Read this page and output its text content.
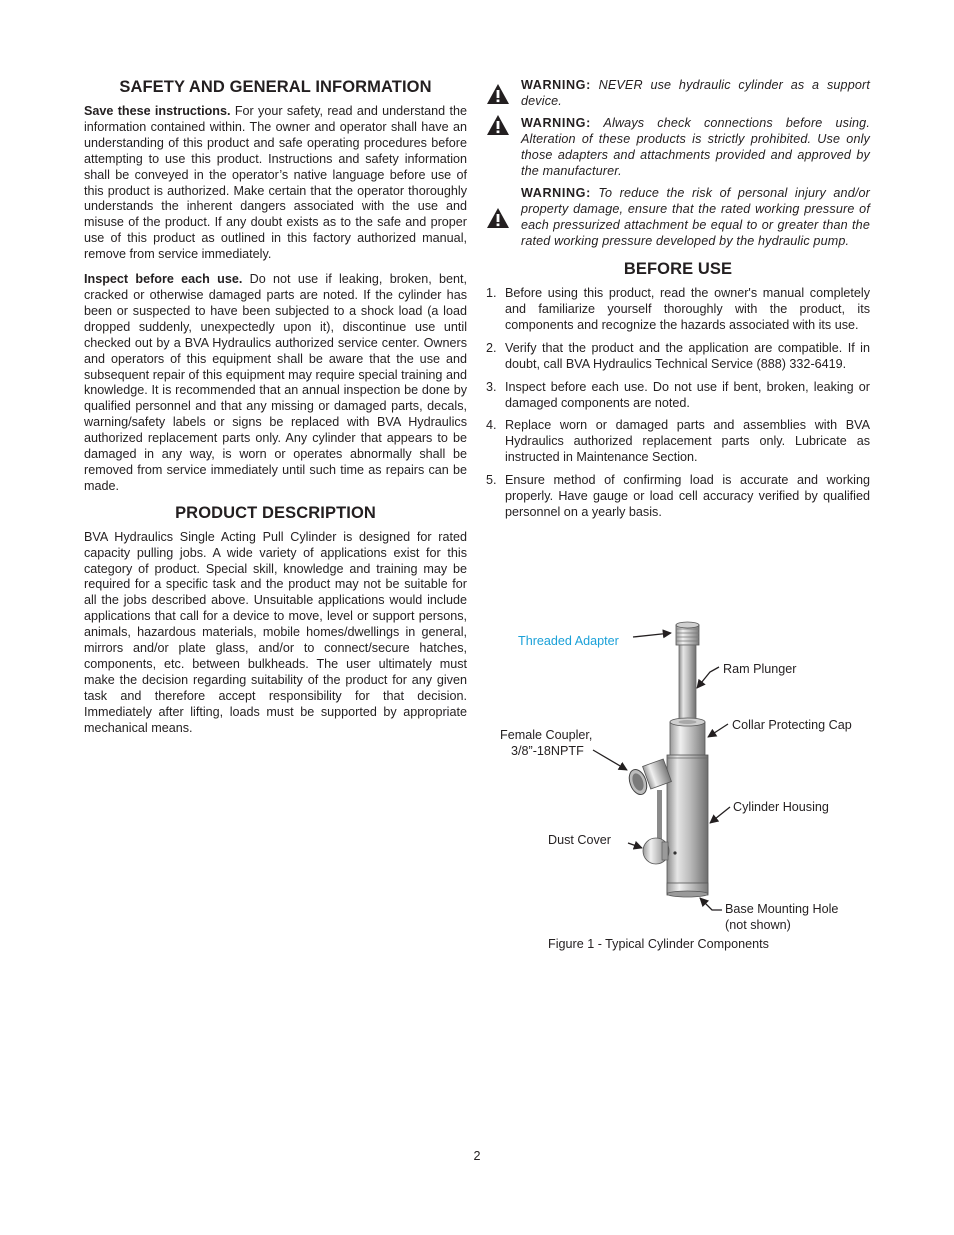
SAFETY AND GENERAL INFORMATION

Save these instructions. For your safety, read and understand the information contained within. The owner and operator shall have an understanding of this product and safe operating procedures before attempting to use this product. Instructions and safety information shall be conveyed in the operator’s native language before use of this product is authorized. Make certain that the operator thoroughly understands the inherent dangers associated with the use and misuse of the product. If any doubt exists as to the safe and proper use of this product as outlined in this factory authorized manual, remove from service immediately.

Inspect before each use. Do not use if leaking, broken, bent, cracked or otherwise damaged parts are noted. If the cylinder has been or suspected to have been subjected to a shock load (a load dropped suddenly, unexpectedly upon it), discontinue use until checked out by a BVA Hydraulics authorized service center. Owners and operators of this equipment shall be aware that the use and subsequent repair of this equipment may require special training and knowledge. It is recommended that an annual inspection be done by qualified personnel and that any missing or damaged parts, decals, warning/safety labels or signs be replaced with BVA Hydraulics authorized replacement parts only. Any cylinder that appears to be damaged in any way, is worn or operates abnormally shall be removed from service immediately until such time as repairs can be made.

PRODUCT DESCRIPTION

BVA Hydraulics Single Acting Pull Cylinder is designed for rated capacity pulling jobs. A wide variety of applications exist for this category of product. Special skill, knowledge and training may be required for a specific task and the product may not be suitable for all the jobs described above. Unsuitable applications would include applications that call for a device to move, level or support persons, animals, hazardous materials, mobile homes/dwellings in general, mirrors and/or plate glass, and/or to connect/secure hatches, components, etc. between bulkheads. The user ultimately must make the decision regarding suitability of the product for any given task and therefore accept responsibility for that decision. Immediately after lifting, loads must be supported by appropriate mechanical means.

WARNING: NEVER use hydraulic cylinder as a support device.
WARNING: Always check connections before using. Alteration of these products is strictly prohibited. Use only those adapters and attachments provided and approved by the manufacturer.
WARNING: To reduce the risk of personal injury and/or property damage, ensure that the rated working pressure of each pressurized attachment be equal to or greater than the rated working pressure developed by the hydraulic pump.
BEFORE USE
1. Before using this product, read the owner's manual completely and familiarize yourself thoroughly with the product, its components and recognize the hazards associated with its use.
2. Verify that the product and the application are compatible. If in doubt, call BVA Hydraulics Technical Service (888) 332-6419.
3. Inspect before each use. Do not use if bent, broken, leaking or damaged components are noted.
4. Replace worn or damaged parts and assemblies with BVA Hydraulics authorized replacement parts only. Lubricate as instructed in Maintenance Section.
5. Ensure method of confirming load is accurate and working properly. Have gauge or load cell accuracy verified by qualified personnel on a yearly basis.
Threaded Adapter
Ram Plunger
Collar Protecting Cap
Female Coupler,
3/8”-18NPTF
Cylinder Housing
Dust Cover
Base Mounting Hole
(not shown)
Figure 1 - Typical Cylinder Components
2
